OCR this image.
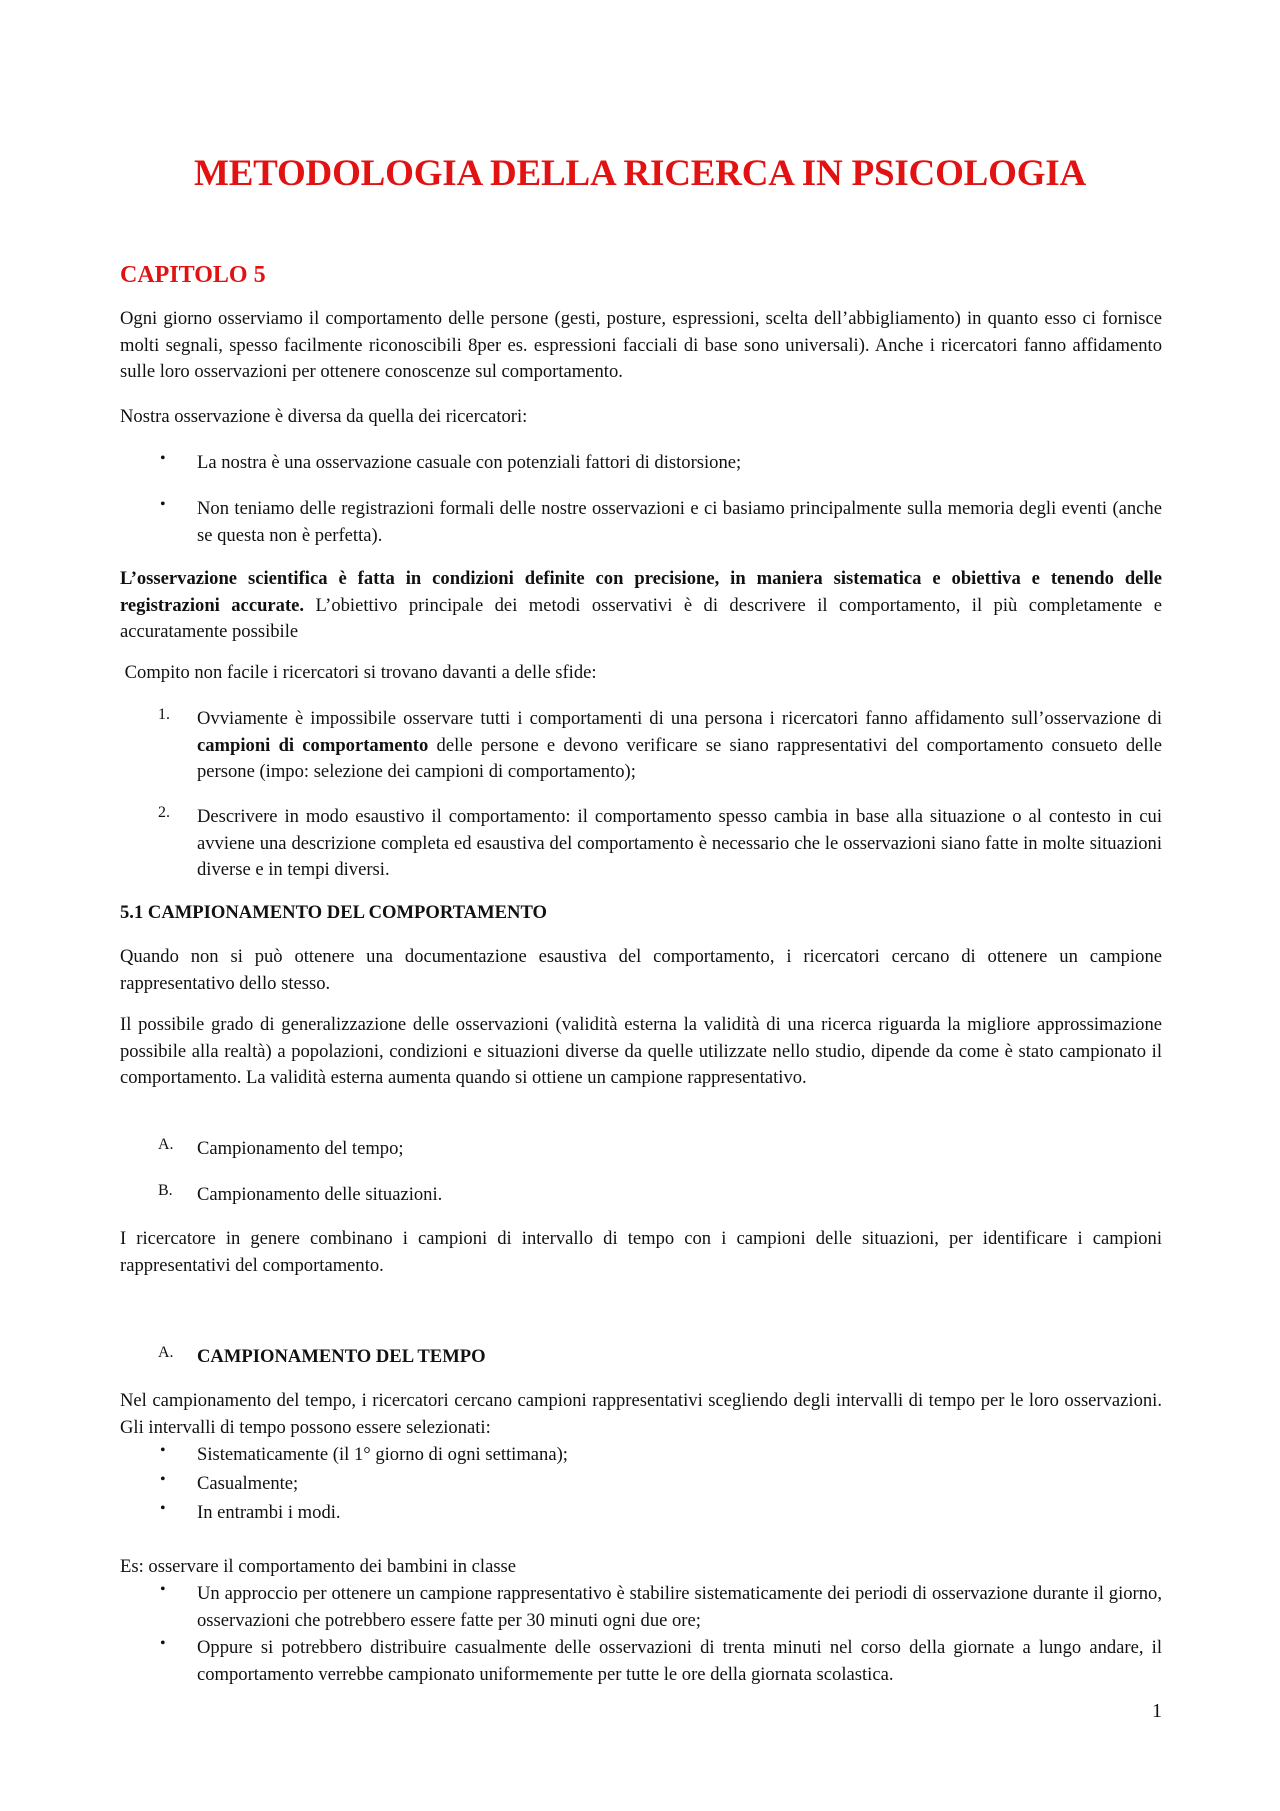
METODOLOGIA DELLA RICERCA IN PSICOLOGIA
CAPITOLO 5

Ogni giorno osserviamo il comportamento delle persone (gesti, posture, espressioni, scelta dell’abbigliamento) in quanto esso ci fornisce molti segnali, spesso facilmente riconoscibili 8per es. espressioni facciali di base sono universali). Anche i ricercatori fanno affidamento sulle loro osservazioni per ottenere conoscenze sul comportamento.

Nostra osservazione è diversa da quella dei ricercatori:

•	La nostra è una osservazione casuale con potenziali fattori di distorsione;

•	Non teniamo delle registrazioni formali delle nostre osservazioni e ci basiamo principalmente sulla memoria degli eventi (anche se questa non è perfetta).

L’osservazione scientifica è fatta in condizioni definite con precisione, in maniera sistematica e obiettiva e tenendo delle registrazioni accurate. L’obiettivo principale dei metodi osservativi è di descrivere il comportamento, il più completamente e accuratamente possibile

Compito non facile i ricercatori si trovano davanti a delle sfide:

1.	Ovviamente è impossibile osservare tutti i comportamenti di una persona i ricercatori fanno affidamento sull’osservazione di campioni di comportamento delle persone e devono verificare se siano rappresentativi del comportamento consueto delle persone (impo: selezione dei campioni di comportamento);

2.	Descrivere in modo esaustivo il comportamento: il comportamento spesso cambia in base alla situazione o al contesto in cui avviene una descrizione completa ed esaustiva del comportamento è necessario che le osservazioni siano fatte in molte situazioni diverse e in tempi diversi.

5.1 CAMPIONAMENTO DEL COMPORTAMENTO

Quando non si può ottenere una documentazione esaustiva del comportamento, i ricercatori cercano di ottenere un campione rappresentativo dello stesso.

Il possibile grado di generalizzazione delle osservazioni (validità esterna la validità di una ricerca riguarda la migliore approssimazione possibile alla realtà) a popolazioni, condizioni e situazioni diverse da quelle utilizzate nello studio, dipende da come è stato campionato il comportamento. La validità esterna aumenta quando si ottiene un campione rappresentativo.

A. Campionamento del tempo;

B. Campionamento delle situazioni.

I ricercatore in genere combinano i campioni di intervallo di tempo con i campioni delle situazioni, per identificare i campioni rappresentativi del comportamento.

A. CAMPIONAMENTO DEL TEMPO

Nel campionamento del tempo, i ricercatori cercano campioni rappresentativi scegliendo degli intervalli di tempo per le loro osservazioni. Gli intervalli di tempo possono essere selezionati:

•	Sistematicamente (il 1° giorno di ogni settimana);

•	Casualmente;

•	In entrambi i modi.

Es: osservare il comportamento dei bambini in classe

•	Un approccio per ottenere un campione rappresentativo è stabilire sistematicamente dei periodi di osservazione durante il giorno, osservazioni che potrebbero essere fatte per 30 minuti ogni due ore;

•	Oppure si potrebbero distribuire casualmente delle osservazioni di trenta minuti nel corso della giornate a lungo andare, il comportamento verrebbe campionato uniformemente per tutte le ore della giornata scolastica.

1
